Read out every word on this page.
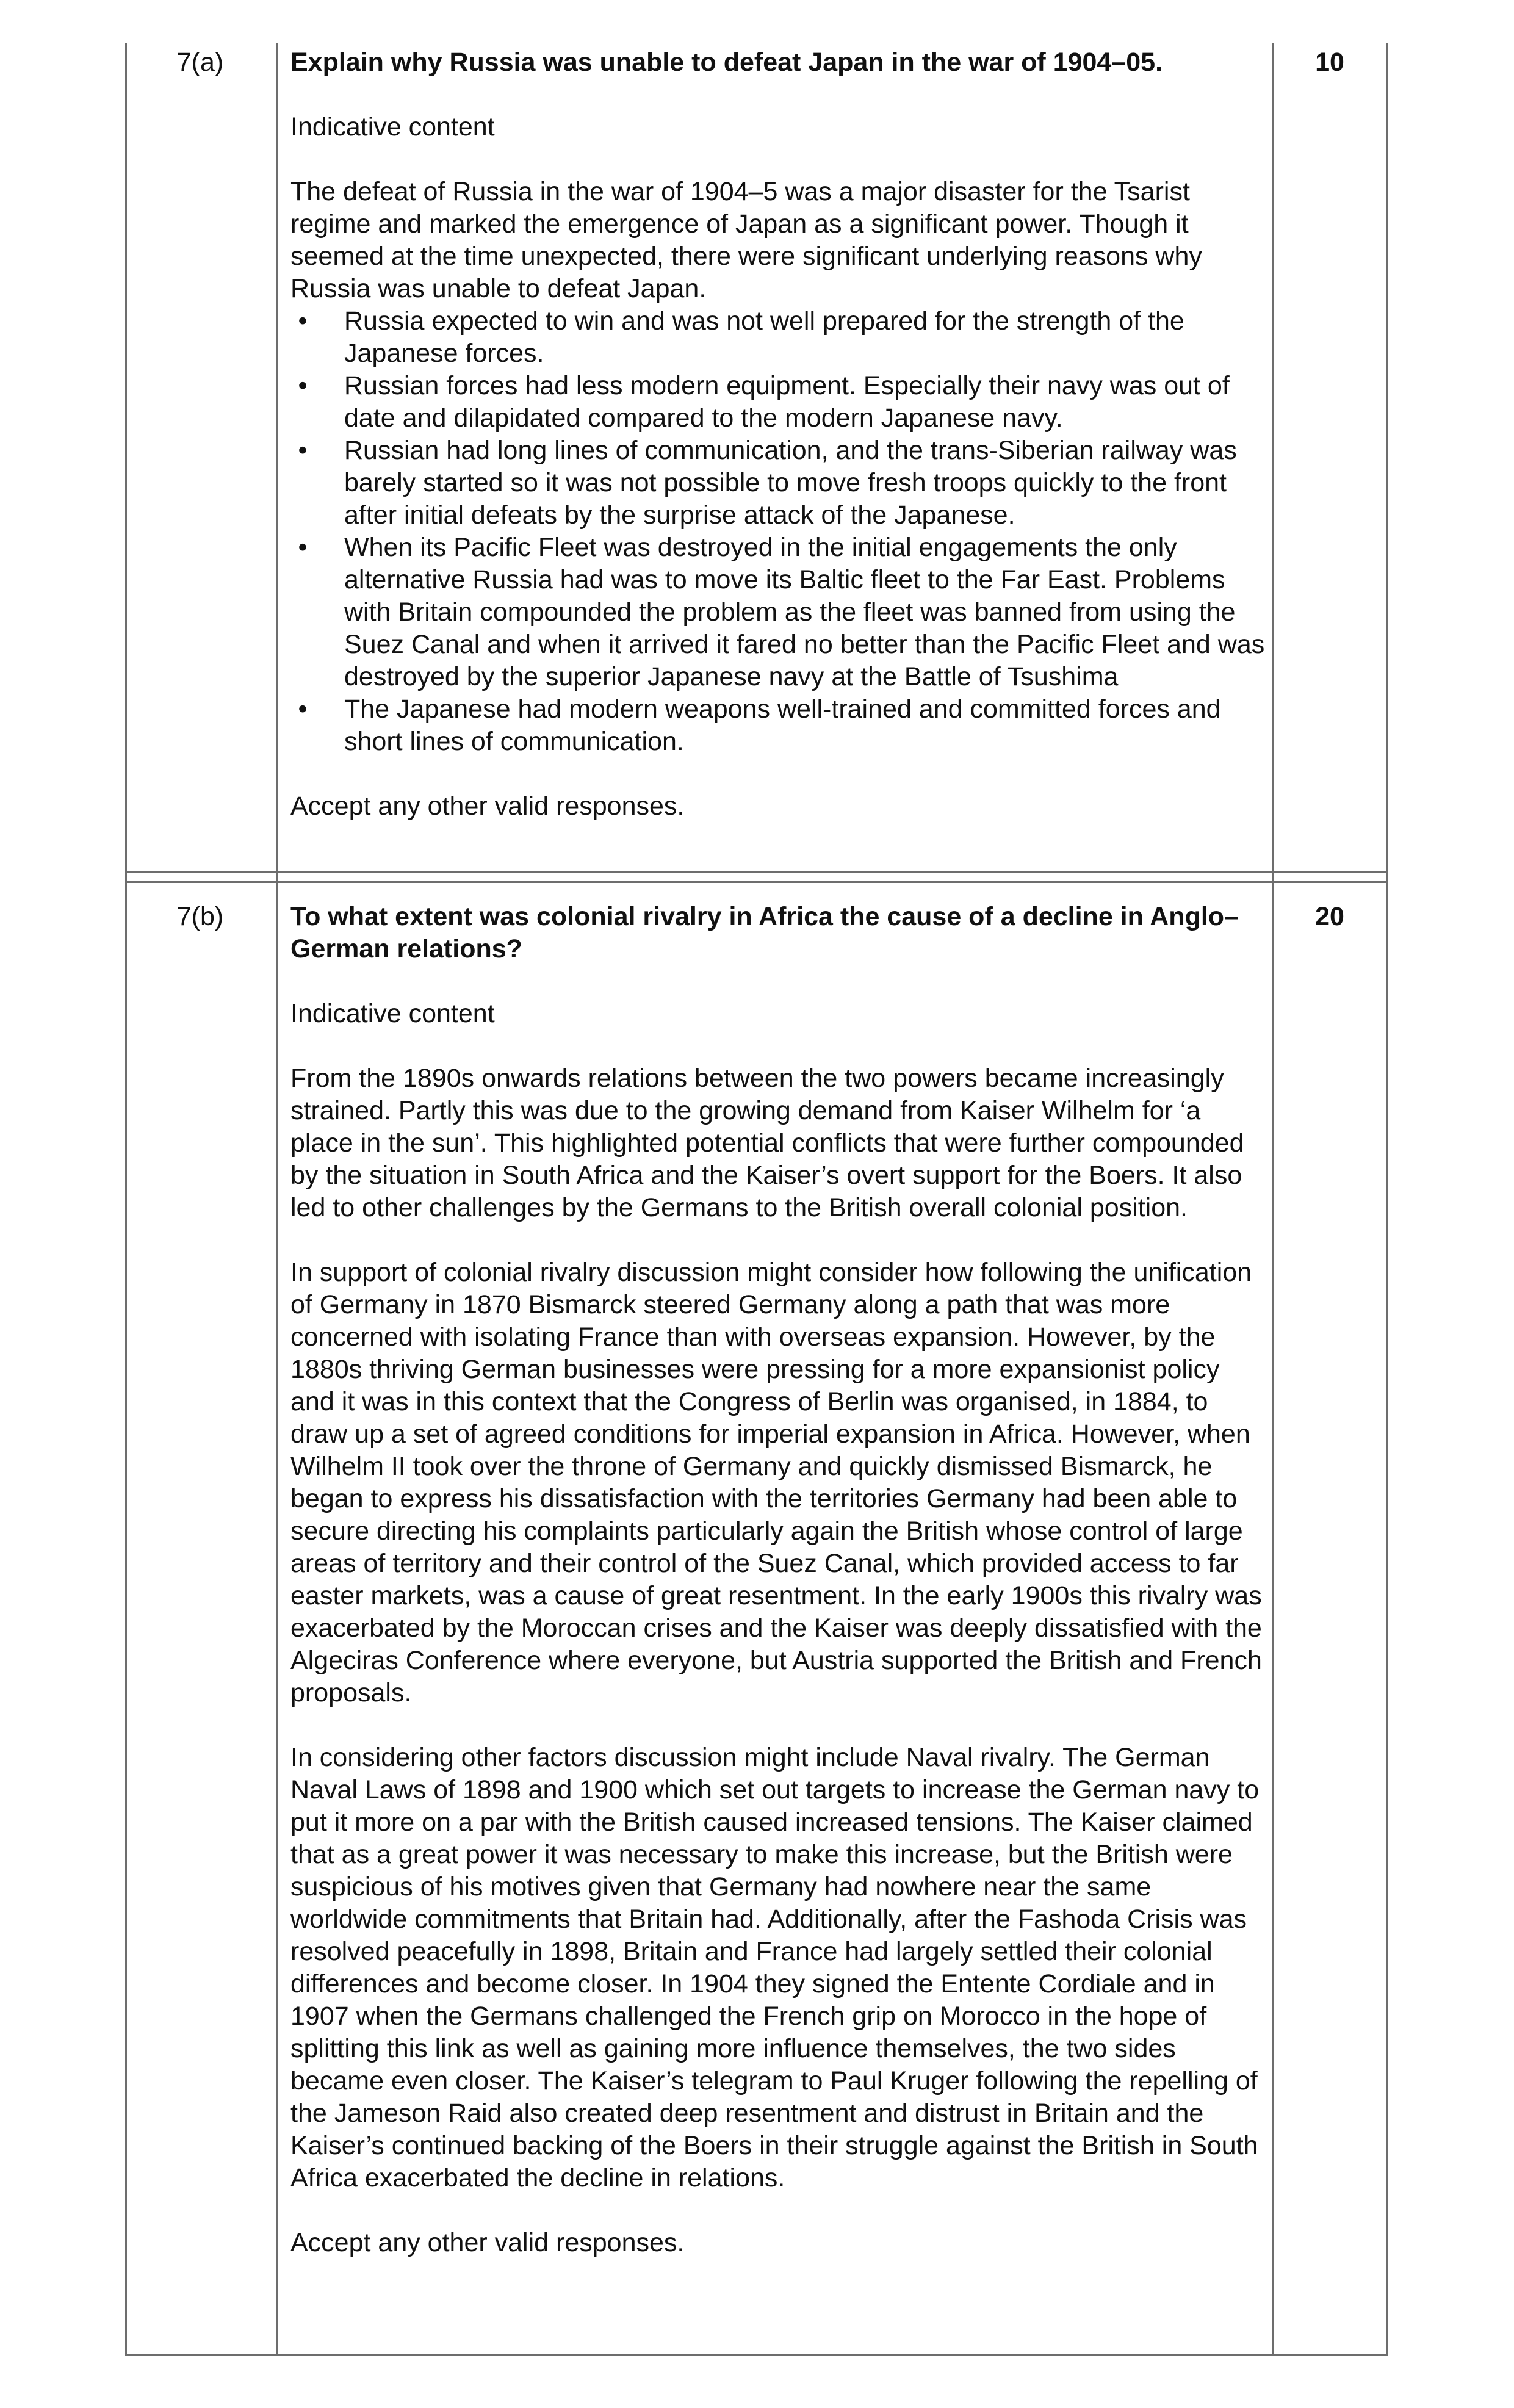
7(a)	10

Explain why Russia was unable to defeat Japan in the war of 1904–05.

Indicative content

The defeat of Russia in the war of 1904–5 was a major disaster for the Tsarist regime and marked the emergence of Japan as a significant power. Though it seemed at the time unexpected, there were significant underlying reasons why Russia was unable to defeat Japan.

• Russia expected to win and was not well prepared for the strength of the Japanese forces.
• Russian forces had less modern equipment. Especially their navy was out of date and dilapidated compared to the modern Japanese navy.
• Russian had long lines of communication, and the trans-Siberian railway was barely started so it was not possible to move fresh troops quickly to the front after initial defeats by the surprise attack of the Japanese.
• When its Pacific Fleet was destroyed in the initial engagements the only alternative Russia had was to move its Baltic fleet to the Far East. Problems with Britain compounded the problem as the fleet was banned from using the Suez Canal and when it arrived it fared no better than the Pacific Fleet and was destroyed by the superior Japanese navy at the Battle of Tsushima
• The Japanese had modern weapons well-trained and committed forces and short lines of communication.

Accept any other valid responses.

7(b)	20

To what extent was colonial rivalry in Africa the cause of a decline in Anglo–German relations?

Indicative content

From the 1890s onwards relations between the two powers became increasingly strained. Partly this was due to the growing demand from Kaiser Wilhelm for ‘a place in the sun’. This highlighted potential conflicts that were further compounded by the situation in South Africa and the Kaiser’s overt support for the Boers. It also led to other challenges by the Germans to the British overall colonial position.

In support of colonial rivalry discussion might consider how following the unification of Germany in 1870 Bismarck steered Germany along a path that was more concerned with isolating France than with overseas expansion. However, by the 1880s thriving German businesses were pressing for a more expansionist policy and it was in this context that the Congress of Berlin was organised, in 1884, to draw up a set of agreed conditions for imperial expansion in Africa. However, when Wilhelm II took over the throne of Germany and quickly dismissed Bismarck, he began to express his dissatisfaction with the territories Germany had been able to secure directing his complaints particularly again the British whose control of large areas of territory and their control of the Suez Canal, which provided access to far easter markets, was a cause of great resentment. In the early 1900s this rivalry was exacerbated by the Moroccan crises and the Kaiser was deeply dissatisfied with the Algeciras Conference where everyone, but Austria supported the British and French proposals.

In considering other factors discussion might include Naval rivalry. The German Naval Laws of 1898 and 1900 which set out targets to increase the German navy to put it more on a par with the British caused increased tensions. The Kaiser claimed that as a great power it was necessary to make this increase, but the British were suspicious of his motives given that Germany had nowhere near the same worldwide commitments that Britain had. Additionally, after the Fashoda Crisis was resolved peacefully in 1898, Britain and France had largely settled their colonial differences and become closer. In 1904 they signed the Entente Cordiale and in 1907 when the Germans challenged the French grip on Morocco in the hope of splitting this link as well as gaining more influence themselves, the two sides became even closer. The Kaiser’s telegram to Paul Kruger following the repelling of the Jameson Raid also created deep resentment and distrust in Britain and the Kaiser’s continued backing of the Boers in their struggle against the British in South Africa exacerbated the decline in relations.

Accept any other valid responses.
